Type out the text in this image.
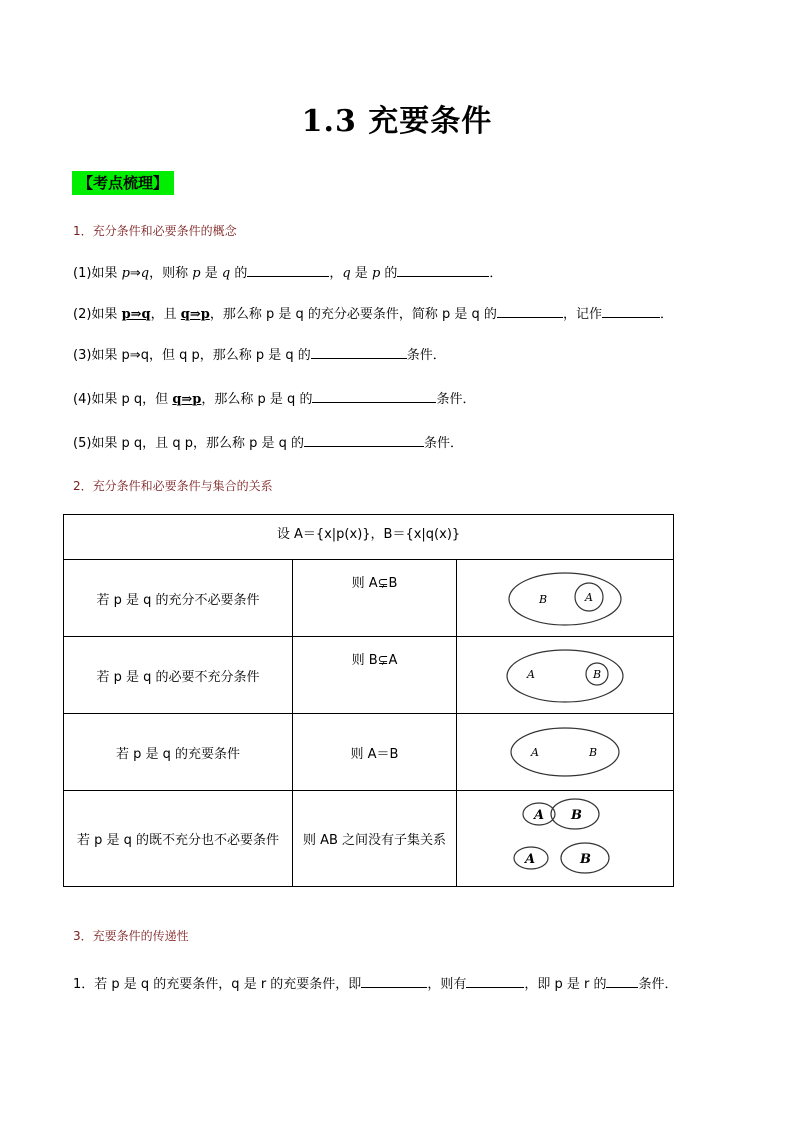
1.3 充要条件
【考点梳理】
1．充分条件和必要条件的概念
(1)如果 p⇒q，则称 p 是 q 的	，q 是 p 的	．
(2)如果 p⇒q，且 q⇒p，那么称 p 是 q 的充分必要条件，简称 p 是 q 的	，记作	．
(3)如果 p⇒q，但 q p，那么称 p 是 q 的	条件．
(4)如果 p q，但 q⇒p，那么称 p 是 q 的	条件．
(5)如果 p q，且 q p，那么称 p 是 q 的	条件．
2．充分条件和必要条件与集合的关系
设 A＝{x|p(x)}，B＝{x|q(x)}		
若 p 是 q 的充分不必要条件	则 A⊊B	B A

若 p 是 q 的必要不充分条件	则 B⊊A	A B

若 p 是 q 的充要条件	则 A＝B	A B

若 p 是 q 的既不充分也不必要条件	则 AB 之间没有子集关系	A B
A B
3．充要条件的传递性
1．若 p 是 q 的充要条件，q 是 r 的充要条件，即	，则有	，即 p 是 r 的 条件．
